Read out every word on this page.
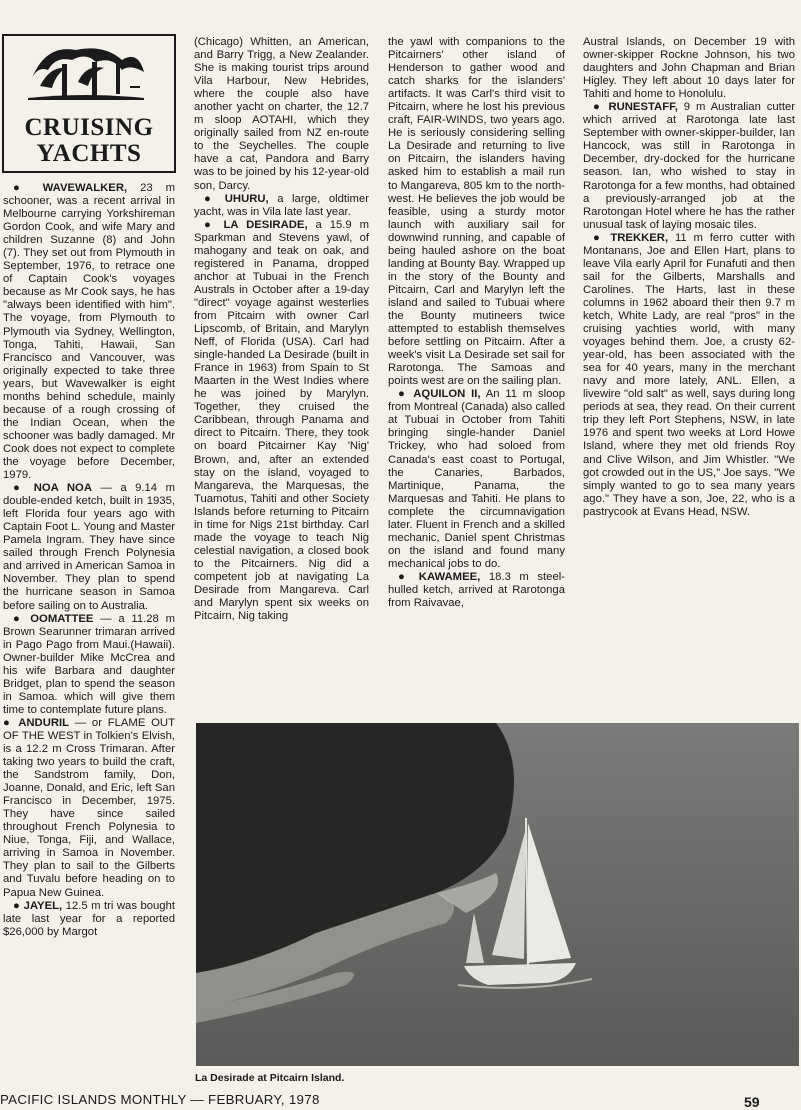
CRUISING
YACHTS

● WAVEWALKER, 23 m schooner, was a recent arrival in Melbourne carrying Yorkshireman Gordon Cook, and wife Mary and children Suzanne (8) and John (7). They set out from Plymouth in September, 1976, to retrace one of Captain Cook's voyages because as Mr Cook says, he has "always been identified with him". The voyage, from Plymouth to Plymouth via Sydney, Wellington, Tonga, Tahiti, Hawaii, San Francisco and Vancouver, was originally expected to take three years, but Wavewalker is eight months behind schedule, mainly because of a rough crossing of the Indian Ocean, when the schooner was badly damaged. Mr Cook does not expect to complete the voyage before December, 1979.

● NOA NOA — a 9.14 m double-ended ketch, built in 1935, left Florida four years ago with Captain Foot L. Young and Master Pamela Ingram. They have since sailed through French Polynesia and arrived in American Samoa in November. They plan to spend the hurricane season in Samoa before sailing on to Australia.

● OOMATTEE — a 11.28 m Brown Searunner trimaran arrived in Pago Pago from Maui.(Hawaii). Owner-builder Mike McCrea and his wife Barbara and daughter Bridget, plan to spend the season in Samoa. which will give them time to contemplate future plans.

● ANDURIL — or FLAME OUT OF THE WEST in Tolkien's Elvish, is a 12.2 m Cross Trimaran. After taking two years to build the craft, the Sandstrom family, Don, Joanne, Donald, and Eric, left San Francisco in December, 1975. They have since sailed throughout French Polynesia to Niue, Tonga, Fiji, and Wallace, arriving in Samoa in November. They plan to sail to the Gilberts and Tuvalu before heading on to Papua New Guinea.

● JAYEL, 12.5 m tri was bought late last year for a reported $26,000 by Margot

(Chicago) Whitten, an American, and Barry Trigg, a New Zealander. She is making tourist trips around Vila Harbour, New Hebrides, where the couple also have another yacht on charter, the 12.7 m sloop AOTAHI, which they originally sailed from NZ en-route to the Seychelles. The couple have a cat, Pandora and Barry was to be joined by his 12-year-old son, Darcy.

● UHURU, a large, oldtimer yacht, was in Vila late last year.

● LA DESIRADE, a 15.9 m Sparkman and Stevens yawl, of mahogany and teak on oak, and registered in Panama, dropped anchor at Tubuai in the French Australs in October after a 19-day "direct" voyage against westerlies from Pitcairn with owner Carl Lipscomb, of Britain, and Marylyn Neff, of Florida (USA). Carl had single-handed La Desirade (built in France in 1963) from Spain to St Maarten in the West Indies where he was joined by Marylyn. Together, they cruised the Caribbean, through Panama and direct to Pitcairn. There, they took on board Pitcairner Kay 'Nig' Brown, and, after an extended stay on the island, voyaged to Mangareva, the Marquesas, the Tuamotus, Tahiti and other Society Islands before returning to Pitcairn in time for Nigs 21st birthday. Carl made the voyage to teach Nig celestial navigation, a closed book to the Pitcairners. Nig did a competent job at navigating La Desirade from Mangareva. Carl and Marylyn spent six weeks on Pitcairn, Nig taking

the yawl with companions to the Pitcairners' other island of Henderson to gather wood and catch sharks for the islanders' artifacts. It was Carl's third visit to Pitcairn, where he lost his previous craft, FAIR-WINDS, two years ago. He is seriously considering selling La Desirade and returning to live on Pitcairn, the islanders having asked him to establish a mail run to Mangareva, 805 km to the north-west. He believes the job would be feasible, using a sturdy motor launch with auxiliary sail for downwind running, and capable of being hauled ashore on the boat landing at Bounty Bay. Wrapped up in the story of the Bounty and Pitcairn, Carl and Marylyn left the island and sailed to Tubuai where the Bounty mutineers twice attempted to establish themselves before settling on Pitcairn. After a week's visit La Desirade set sail for Rarotonga. The Samoas and points west are on the sailing plan.

● AQUILON II, An 11 m sloop from Montreal (Canada) also called at Tubuai in October from Tahiti bringing single-hander Daniel Trickey, who had soloed from Canada's east coast to Portugal, the Canaries, Barbados, Martinique, Panama, the Marquesas and Tahiti. He plans to complete the circumnavigation later. Fluent in French and a skilled mechanic, Daniel spent Christmas on the island and found many mechanical jobs to do.

● KAWAMEE, 18.3 m steel-hulled ketch, arrived at Rarotonga from Raivavae,

Austral Islands, on December 19 with owner-skipper Rockne Johnson, his two daughters and John Chapman and Brian Higley. They left about 10 days later for Tahiti and home to Honolulu.

● RUNESTAFF, 9 m Australian cutter which arrived at Rarotonga late last September with owner-skipper-builder, Ian Hancock, was still in Rarotonga in December, dry-docked for the hurricane season. Ian, who wished to stay in Rarotonga for a few months, had obtained a previously-arranged job at the Rarotongan Hotel where he has the rather unusual task of laying mosaic tiles.

● TREKKER, 11 m ferro cutter with Montanans, Joe and Ellen Hart, plans to leave Vila early April for Funafuti and then sail for the Gilberts, Marshalls and Carolines. The Harts, last in these columns in 1962 aboard their then 9.7 m ketch, White Lady, are real "pros" in the cruising yachties world, with many voyages behind them. Joe, a crusty 62-year-old, has been associated with the sea for 40 years, many in the merchant navy and more lately, ANL. Ellen, a livewire "old salt" as well, says during long periods at sea, they read. On their current trip they left Port Stephens, NSW, in late 1976 and spent two weeks at Lord Howe Island, where they met old friends Roy and Clive Wilson, and Jim Whistler. "We got crowded out in the US," Joe says. "We simply wanted to go to sea many years ago." They have a son, Joe, 22, who is a pastrycook at Evans Head, NSW.

La Desirade at Pitcairn Island.
PACIFIC ISLANDS MONTHLY — FEBRUARY, 1978	59
